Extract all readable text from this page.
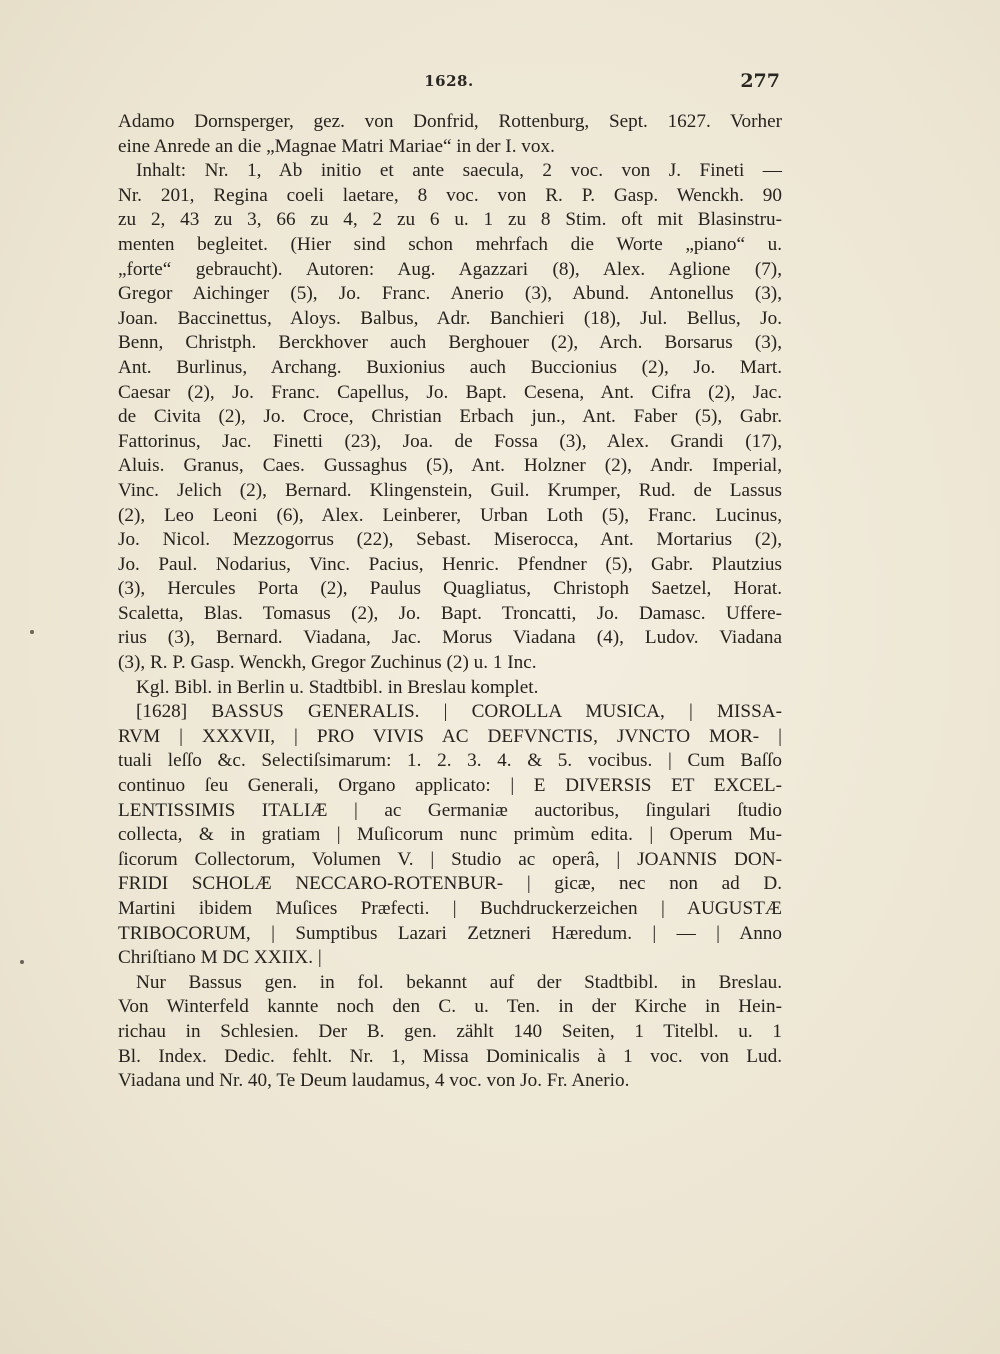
1628.	277
Adamo Dornsperger, gez. von Donfrid, Rottenburg, Sept. 1627. Vorher
eine Anrede an die „Magnae Matri Mariae“ in der I. vox.
Inhalt: Nr. 1, Ab initio et ante saecula, 2 voc. von J. Fineti —
Nr. 201, Regina coeli laetare, 8 voc. von R. P. Gasp. Wenckh. 90
zu 2, 43 zu 3, 66 zu 4, 2 zu 6 u. 1 zu 8 Stim. oft mit Blasinstru-
menten begleitet. (Hier sind schon mehrfach die Worte „piano“ u.
„forte“ gebraucht). Autoren: Aug. Agazzari (8), Alex. Aglione (7),
Gregor Aichinger (5), Jo. Franc. Anerio (3), Abund. Antonellus (3),
Joan. Baccinettus, Aloys. Balbus, Adr. Banchieri (18), Jul. Bellus, Jo.
Benn, Christph. Berckhover auch Berghouer (2), Arch. Borsarus (3),
Ant. Burlinus, Archang. Buxionius auch Buccionius (2), Jo. Mart.
Caesar (2), Jo. Franc. Capellus, Jo. Bapt. Cesena, Ant. Cifra (2), Jac.
de Civita (2), Jo. Croce, Christian Erbach jun., Ant. Faber (5), Gabr.
Fattorinus, Jac. Finetti (23), Joa. de Fossa (3), Alex. Grandi (17),
Aluis. Granus, Caes. Gussaghus (5), Ant. Holzner (2), Andr. Imperial,
Vinc. Jelich (2), Bernard. Klingenstein, Guil. Krumper, Rud. de Lassus
(2), Leo Leoni (6), Alex. Leinberer, Urban Loth (5), Franc. Lucinus,
Jo. Nicol. Mezzogorrus (22), Sebast. Miserocca, Ant. Mortarius (2),
Jo. Paul. Nodarius, Vinc. Pacius, Henric. Pfendner (5), Gabr. Plautzius
(3), Hercules Porta (2), Paulus Quagliatus, Christoph Saetzel, Horat.
Scaletta, Blas. Tomasus (2), Jo. Bapt. Troncatti, Jo. Damasc. Uffere-
rius (3), Bernard. Viadana, Jac. Morus Viadana (4), Ludov. Viadana
(3), R. P. Gasp. Wenckh, Gregor Zuchinus (2) u. 1 Inc.
Kgl. Bibl. in Berlin u. Stadtbibl. in Breslau komplet.
[1628] BASSUS GENERALIS. | COROLLA MUSICA, | MISSA-
RVM | XXXVII, | PRO VIVIS AC DEFVNCTIS, JVNCTO MOR- |
tuali leſſo &c. Selectiſsimarum: 1. 2. 3. 4. & 5. vocibus. | Cum Baſſo
continuo ſeu Generali, Organo applicato: | E DIVERSIS ET EXCEL-
LENTISSIMIS ITALIÆ | ac Germaniæ auctoribus, ſingulari ſtudio
collecta, & in gratiam | Muſicorum nunc primùm edita. | Operum Mu-
ſicorum Collectorum, Volumen V. | Studio ac operâ, | JOANNIS DON-
FRIDI SCHOLÆ NECCARO-ROTENBUR- | gicæ, nec non ad D.
Martini ibidem Muſices Præfecti. | Buchdruckerzeichen | AUGUSTÆ
TRIBOCORUM, | Sumptibus Lazari Zetzneri Hæredum. | — | Anno
Chriſtiano M DC XXIIX. |
Nur Bassus gen. in fol. bekannt auf der Stadtbibl. in Breslau.
Von Winterfeld kannte noch den C. u. Ten. in der Kirche in Hein-
richau in Schlesien. Der B. gen. zählt 140 Seiten, 1 Titelbl. u. 1
Bl. Index. Dedic. fehlt. Nr. 1, Missa Dominicalis à 1 voc. von Lud.
Viadana und Nr. 40, Te Deum laudamus, 4 voc. von Jo. Fr. Anerio.
